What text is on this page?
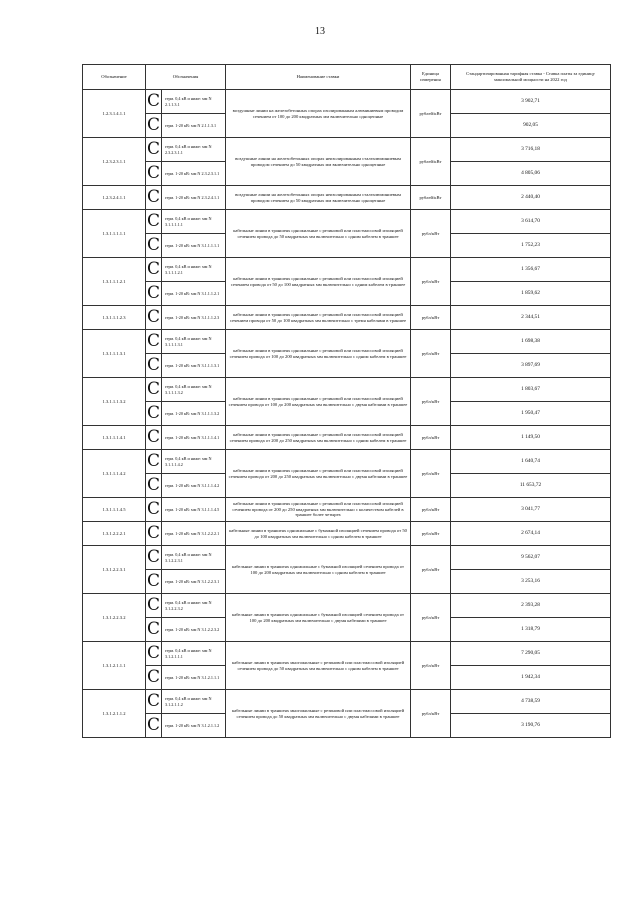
13
Обозначение	Обозначения	Наименование ставки	Единица измерения	Стандартизированная тарифная ставка - Ставка платы за единицу максимальной мощности на 2022 год
1.2.3.1.4.1.1	C герм. 0,4 кВ и ниже: мм N 2.1.1.3.1	воздушные линии на железобетонных опорах изолированным алюминиевым проводом сечением от 100 до 200 квадратных мм включительно одноцепные	рублей/кВт	3 902,71

	C герм. 1-20 кВ: мм N 2.1.1.3.1			902,05
1.2.3.2.3.1.1	C герм. 0,4 кВ и ниже: мм N 2.3.2.3.1.1	воздушные линии на железобетонных опорах неизолированным сталеалюминиевым проводом сечением до 50 квадратных мм включительно одноцепные	рублей/кВт	3 716,18

	C герм. 1-20 кВ: мм N 2.3.2.3.1.1			4 805,06
1.2.3.2.4.1.1	C герм. 1-20 кВ: мм N 2.3.2.4.1.1	воздушные линии на железобетонных опорах неизолированным сталеалюминиевым проводом сечением до 50 квадратных мм включительно одноцепные	рублей/кВт	2 440,40
1.3.1.1.1.1.1	C герм. 0,4 кВ и ниже: мм N 3.1.1.1.1.1	кабельные линии в траншеях одножильные с резиновой или пластмассовой изоляцией сечением провода до 50 квадратных мм включительно с одним кабелем в траншее	рубл/кВт	3 614,70

	C герм. 1-20 кВ: мм N 3.1.1.1.1.1			1 752,23
1.3.1.1.1.2.1	C герм. 0,4 кВ и ниже: мм N 3.1.1.1.2.1	кабельные линии в траншеях одножильные с резиновой или пластмассовой изоляцией сечением провода от 50 до 100 квадратных мм включительно с одним кабелем в траншее	рубл/кВт	1 356,67

	C герм. 1-20 кВ: мм N 3.1.1.1.2.1			1 859,62
1.3.1.1.1.2.3	C герм. 1-20 кВ: мм N 3.1.1.1.2.3	кабельные линии в траншеях одножильные с резиновой или пластмассовой изоляцией сечением провода от 50 до 100 квадратных мм включительно с тремя кабелями в траншее	рубл/кВт	2 344,51
1.3.1.1.1.3.1	C герм. 0,4 кВ и ниже: мм N 3.1.1.1.3.1	кабельные линии в траншеях одножильные с резиновой или пластмассовой изоляцией сечением провода от 100 до 200 квадратных мм включительно с одним кабелем в траншее	рубл/кВт	1 698,38

	C герм. 1-20 кВ: мм N 3.1.1.1.3.1			3 897,69
1.3.1.1.1.3.2	C герм. 0,4 кВ и ниже: мм N 3.1.1.1.3.2	кабельные линии в траншеях одножильные с резиновой или пластмассовой изоляцией сечением провода от 100 до 200 квадратных мм включительно с двумя кабелями в траншее	рубл/кВт	1 803,67

	C герм. 1-20 кВ: мм N 3.1.1.1.3.2			1 950,47
1.3.1.1.1.4.1	C герм. 1-20 кВ: мм N 3.1.1.1.4.1	кабельные линии в траншеях одножильные с резиновой или пластмассовой изоляцией сечением провода от 200 до 250 квадратных мм включительно с одним кабелем в траншее	рубл/кВт	1 149,50
1.3.1.1.1.4.2	C герм. 0,4 кВ и ниже: мм N 3.1.1.1.4.2	кабельные линии в траншеях одножильные с резиновой или пластмассовой изоляцией сечением провода от 200 до 250 квадратных мм включительно с двумя кабелями в траншее	рубл/кВт	1 640,74

	C герм. 1-20 кВ: мм N 3.1.1.1.4.2			11 653,72
1.3.1.1.1.4.5	C герм. 1-20 кВ: мм N 3.1.1.1.4.5	кабельные линии в траншеях одножильные с резиновой или пластмассовой изоляцией сечением провода от 200 до 250 квадратных мм включительно с количеством кабелей в траншее более четырех	рубл/кВт	3 041,77
1.3.1.2.2.2.1	C герм. 1-20 кВ: мм N 3.1.2.2.2.1	кабельные линии в траншеях одножильные с бумажной изоляцией сечением провода от 50 до 100 квадратных мм включительно с одним кабелем в траншее	рубл/кВт	2 674,14
1.3.1.2.2.3.1	C герм. 0,4 кВ и ниже: мм N 3.1.2.2.3.1	кабельные линии в траншеях одножильные с бумажной изоляцией сечением провода от 100 до 200 квадратных мм включительно с одним кабелем в траншее	рубл/кВт	9 562,07

	C герм. 1-20 кВ: мм N 3.1.2.2.3.1			3 253,16
1.3.1.2.2.3.2	C герм. 0,4 кВ и ниже: мм N 3.1.2.2.3.2	кабельные линии в траншеях одножильные с бумажной изоляцией сечением провода от 100 до 200 квадратных мм включительно с двумя кабелями в траншее	рубл/кВт	2 393,28

	C герм. 1-20 кВ: мм N 3.1.2.2.3.2			1 318,79
1.3.1.2.1.1.1	C герм. 0,4 кВ и ниже: мм N 3.1.2.1.1.1	кабельные линии в траншеях многожильные с резиновой или пластмассовой изоляцией сечением провода до 50 квадратных мм включительно с одним кабелем в траншее	рубл/кВт	7 290,05

	C герм. 1-20 кВ: мм N 3.1.2.1.1.1			1 942,34
1.3.1.2.1.1.2	C герм. 0,4 кВ и ниже: мм N 3.1.2.1.1.2	кабельные линии в траншеях многожильные с резиновой или пластмассовой изоляцией сечением провода до 50 квадратных мм включительно с двумя кабелями в траншее	рубл/кВт	4 738,59

	C герм. 1-20 кВ: мм N 3.1.2.1.1.2			3 190,76
